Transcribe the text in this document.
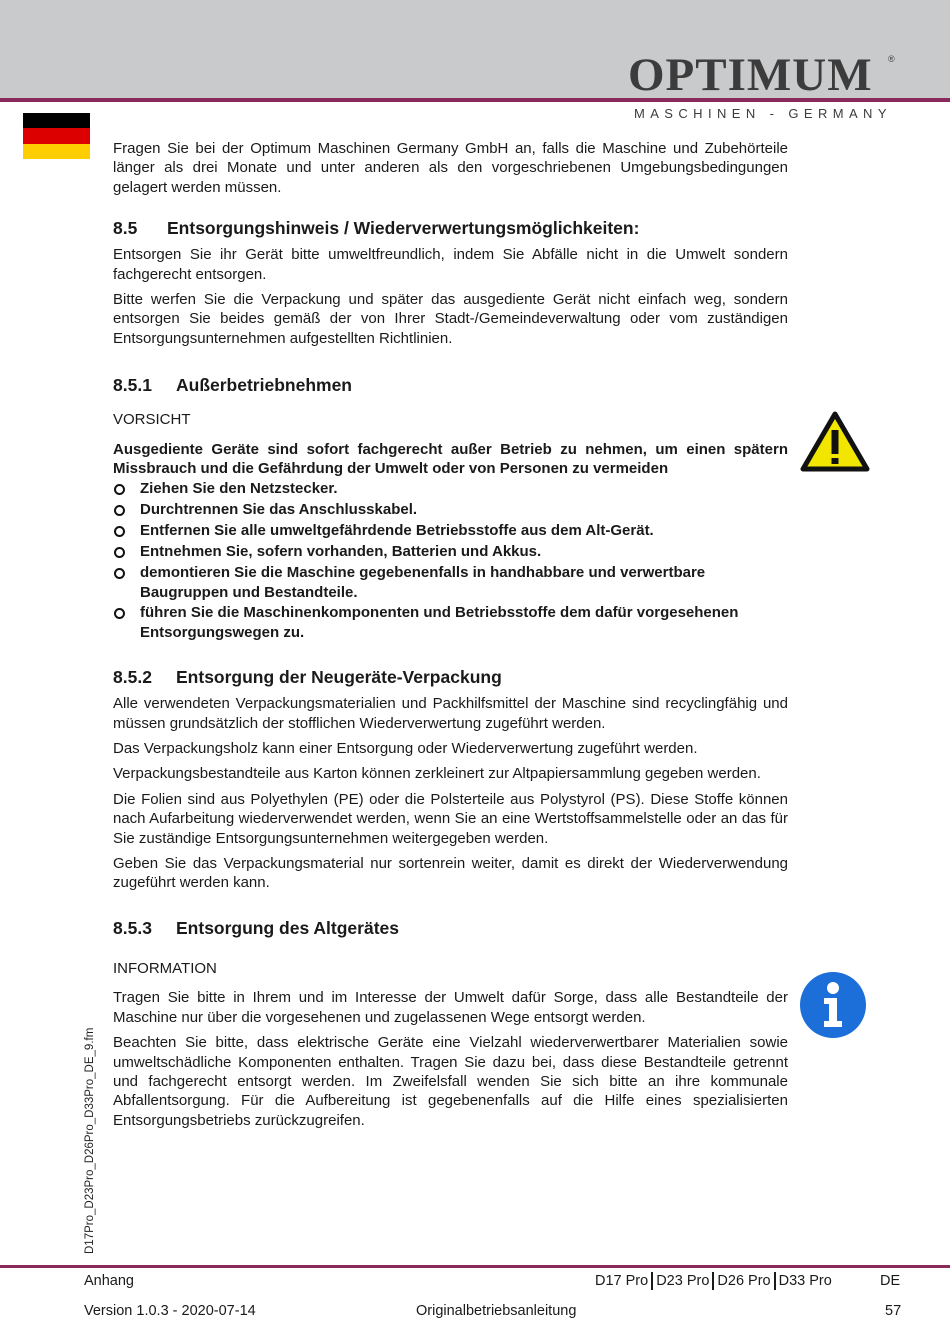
OPTIMUM ®
MASCHINEN - GERMANY

Fragen Sie bei der Optimum Maschinen Germany GmbH an, falls die Maschine und Zubehörteile länger als drei Monate und unter anderen als den vorgeschriebenen Umgebungsbedingungen gelagert werden müssen.

8.5 Entsorgungshinweis / Wiederverwertungsmöglichkeiten:

Entsorgen Sie ihr Gerät bitte umweltfreundlich, indem Sie Abfälle nicht in die Umwelt sondern fachgerecht entsorgen.

Bitte werfen Sie die Verpackung und später das ausgediente Gerät nicht einfach weg, sondern entsorgen Sie beides gemäß der von Ihrer Stadt-/Gemeindeverwaltung oder vom zuständigen Entsorgungsunternehmen aufgestellten Richtlinien.

8.5.1 Außerbetriebnehmen
VORSICHT

Ausgediente Geräte sind sofort fachgerecht außer Betrieb zu nehmen, um einen spätern Missbrauch und die Gefährdung der Umwelt oder von Personen zu vermeiden

Ziehen Sie den Netzstecker.
Durchtrennen Sie das Anschlusskabel.
Entfernen Sie alle umweltgefährdende Betriebsstoffe aus dem Alt-Gerät.
Entnehmen Sie, sofern vorhanden, Batterien und Akkus.
demontieren Sie die Maschine gegebenenfalls in handhabbare und verwertbare Baugruppen und Bestandteile.
führen Sie die Maschinenkomponenten und Betriebsstoffe dem dafür vorgesehenen Entsorgungswegen zu.
8.5.2 Entsorgung der Neugeräte-Verpackung

Alle verwendeten Verpackungsmaterialien und Packhilfsmittel der Maschine sind recyclingfähig und müssen grundsätzlich der stofflichen Wiederverwertung zugeführt werden.

Das Verpackungsholz kann einer Entsorgung oder Wiederverwertung zugeführt werden.

Verpackungsbestandteile aus Karton können zerkleinert zur Altpapiersammlung gegeben werden.

Die Folien sind aus Polyethylen (PE) oder die Polsterteile aus Polystyrol (PS). Diese Stoffe können nach Aufarbeitung wiederverwendet werden, wenn Sie an eine Wertstoffsammelstelle oder an das für Sie zuständige Entsorgungsunternehmen weitergegeben werden.

Geben Sie das Verpackungsmaterial nur sortenrein weiter, damit es direkt der Wiederverwendung zugeführt werden kann.

8.5.3 Entsorgung des Altgerätes
INFORMATION

Tragen Sie bitte in Ihrem und im Interesse der Umwelt dafür Sorge, dass alle Bestandteile der Maschine nur über die vorgesehenen und zugelassenen Wege entsorgt werden.

Beachten Sie bitte, dass elektrische Geräte eine Vielzahl wiederverwertbarer Materialien sowie umweltschädliche Komponenten enthalten. Tragen Sie dazu bei, dass diese Bestandteile getrennt und fachgerecht entsorgt werden. Im Zweifelsfall wenden Sie sich bitte an ihre kommunale Abfallentsorgung. Für die Aufbereitung ist gegebenenfalls auf die Hilfe eines spezialisierten Entsorgungsbetriebs zurückzugreifen.

D17Pro_D23Pro_D26Pro_D33Pro_DE_9.fm
Anhang	D17 Pro D23 Pro D26 Pro D33 Pro	DE
Version 1.0.3 - 2020-07-14	Originalbetriebsanleitung	57
